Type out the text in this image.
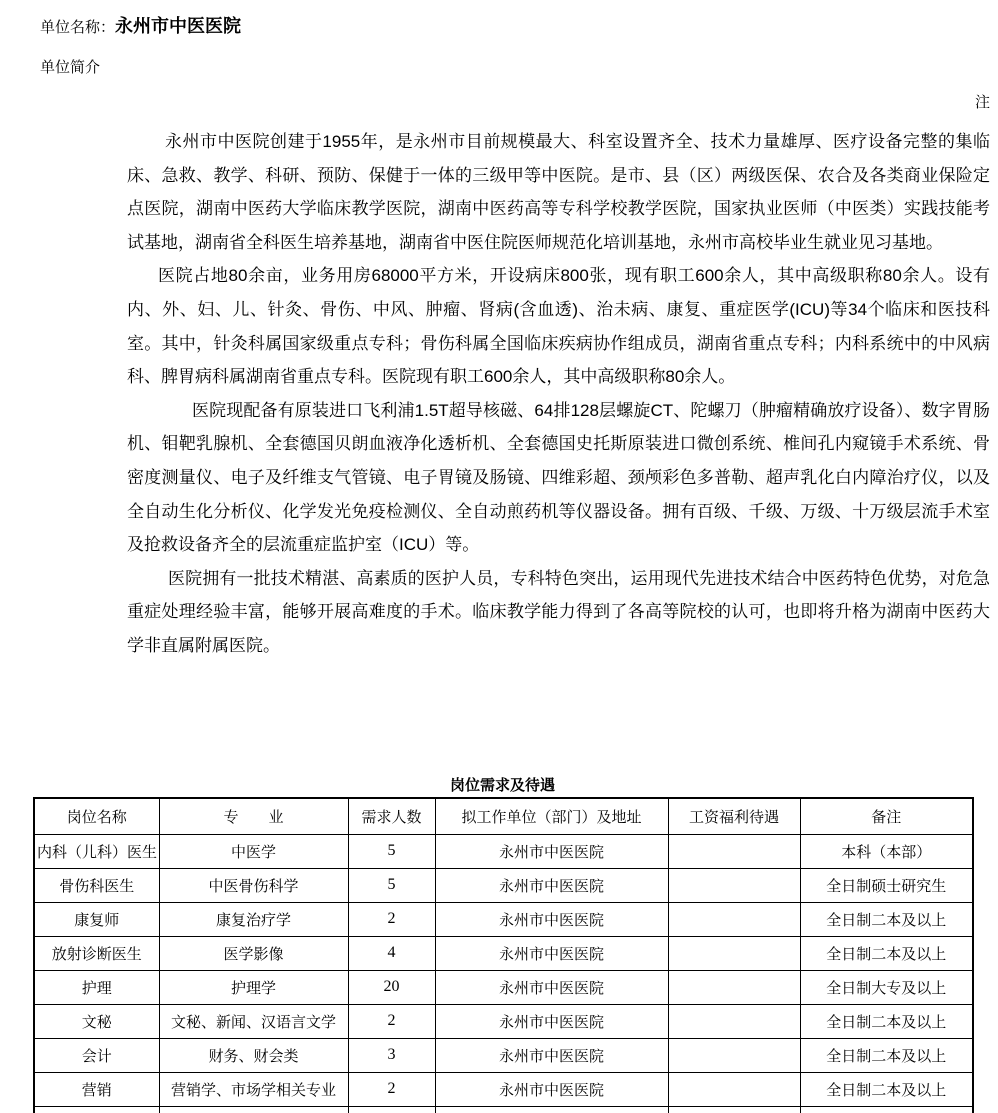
单位名称：永州市中医医院
单位简介
注

永州市中医院创建于1955年，是永州市目前规模最大、科室设置齐全、技术力量雄厚、医疗设备完整的集临床、急救、教学、科研、预防、保健于一体的三级甲等中医院。是市、县（区）两级医保、农合及各类商业保险定点医院，湖南中医药大学临床教学医院，湖南中医药高等专科学校教学医院，国家执业医师（中医类）实践技能考试基地，湖南省全科医生培养基地，湖南省中医住院医师规范化培训基地，永州市高校毕业生就业见习基地。

医院占地80余亩，业务用房68000平方米，开设病床800张，现有职工600余人，其中高级职称80余人。设有内、外、妇、儿、针灸、骨伤、中风、肿瘤、肾病(含血透)、治未病、康复、重症医学(ICU)等34个临床和医技科室。其中，针灸科属国家级重点专科；骨伤科属全国临床疾病协作组成员，湖南省重点专科；内科系统中的中风病科、脾胃病科属湖南省重点专科。医院现有职工600余人，其中高级职称80余人。

医院现配备有原装进口飞利浦1.5T超导核磁、64排128层螺旋CT、陀螺刀（肿瘤精确放疗设备）、数字胃肠机、钼靶乳腺机、全套德国贝朗血液净化透析机、全套德国史托斯原装进口微创系统、椎间孔内窥镜手术系统、骨密度测量仪、电子及纤维支气管镜、电子胃镜及肠镜、四维彩超、颈颅彩色多普勒、超声乳化白内障治疗仪，以及全自动生化分析仪、化学发光免疫检测仪、全自动煎药机等仪器设备。拥有百级、千级、万级、十万级层流手术室及抢救设备齐全的层流重症监护室（ICU）等。

医院拥有一批技术精湛、高素质的医护人员，专科特色突出，运用现代先进技术结合中医药特色优势，对危急重症处理经验丰富，能够开展高难度的手术。临床教学能力得到了各高等院校的认可，也即将升格为湖南中医药大学非直属附属医院。

岗位需求及待遇
岗位名称	专　　业	需求人数	拟工作单位（部门）及地址	工资福利待遇	备注
内科（儿科）医生	中医学	5	永州市中医医院		本科（本部）
骨伤科医生	中医骨伤科学	5	永州市中医医院		全日制硕士研究生
康复师	康复治疗学	2	永州市中医医院		全日制二本及以上
放射诊断医生	医学影像	4	永州市中医医院		全日制二本及以上
护理	护理学	20	永州市中医医院		全日制大专及以上
文秘	文秘、新闻、汉语言文学	2	永州市中医医院		全日制二本及以上
会计	财务、财会类	3	永州市中医医院		全日制二本及以上
营销	营销学、市场学相关专业	2	永州市中医医院		全日制二本及以上
